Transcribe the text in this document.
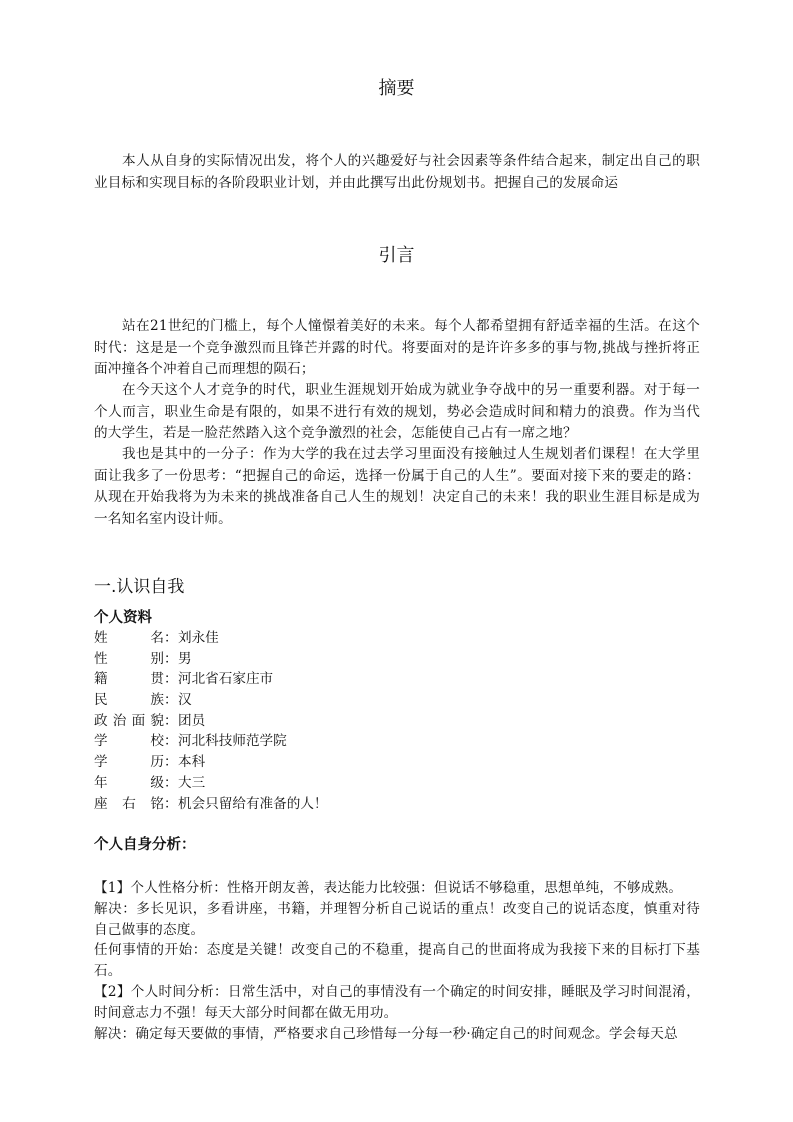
摘要

本人从自身的实际情况出发，将个人的兴趣爱好与社会因素等条件结合起来，制定出自己的职业目标和实现目标的各阶段职业计划，并由此撰写出此份规划书。把握自己的发展命运

引言

站在21世纪的门槛上，每个人憧憬着美好的未来。每个人都希望拥有舒适幸福的生活。在这个时代：这是是一个竞争激烈而且锋芒并露的时代。将要面对的是许许多多的事与物,挑战与挫折将正面冲撞各个冲着自己而理想的陨石；

在今天这个人才竞争的时代，职业生涯规划开始成为就业争夺战中的另一重要利器。对于每一个人而言，职业生命是有限的，如果不进行有效的规划，势必会造成时间和精力的浪费。作为当代的大学生，若是一脸茫然踏入这个竞争激烈的社会，怎能使自己占有一席之地？

我也是其中的一分子：作为大学的我在过去学习里面没有接触过人生规划者们课程！在大学里面让我多了一份思考：“把握自己的命运，选择一份属于自己的人生”。要面对接下来的要走的路：从现在开始我将为为未来的挑战准备自己人生的规划！决定自己的未来！我的职业生涯目标是成为一名知名室内设计师。

一.认识自我
个人资料
姓名 ： 刘永佳
性别 ： 男
籍贯 ： 河北省石家庄市
民族 ： 汉
政治面貌 ： 团员
学校 ： 河北科技师范学院
学历 ： 本科
年级 ： 大三
座右铭 ： 机会只留给有准备的人！
个人自身分析：

【1】个人性格分析：性格开朗友善，表达能力比较强：但说话不够稳重，思想单纯，不够成熟。

解决：多长见识，多看讲座，书籍，并理智分析自己说话的重点！改变自己的说话态度，慎重对待自己做事的态度。

任何事情的开始：态度是关键！改变自己的不稳重，提高自己的世面将成为我接下来的目标打下基石。

【2】个人时间分析：日常生活中，对自己的事情没有一个确定的时间安排，睡眠及学习时间混淆，时间意志力不强！每天大部分时间都在做无用功。

解决：确定每天要做的事情，严格要求自己珍惜每一分每一秒·确定自己的时间观念。学会每天总
